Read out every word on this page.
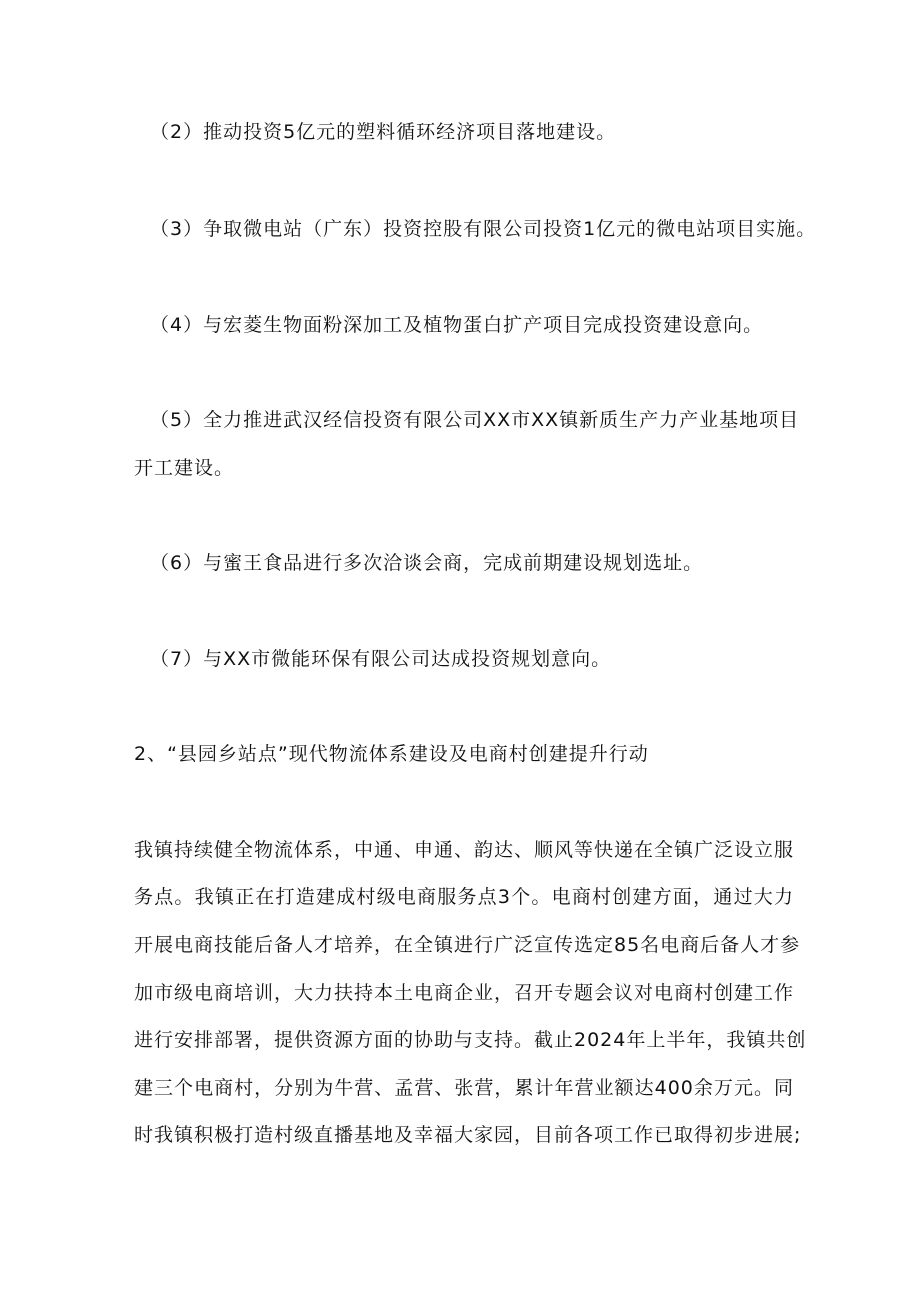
（2）推动投资5亿元的塑料循环经济项目落地建设。
（3）争取微电站（广东）投资控股有限公司投资1亿元的微电站项目实施。
（4）与宏菱生物面粉深加工及植物蛋白扩产项目完成投资建设意向。
（5）全力推进武汉经信投资有限公司XX市XX镇新质生产力产业基地项目
开工建设。
（6）与蜜王食品进行多次洽谈会商，完成前期建设规划选址。
（7）与XX市微能环保有限公司达成投资规划意向。
2、“县园乡站点”现代物流体系建设及电商村创建提升行动
我镇持续健全物流体系，中通、申通、韵达、顺风等快递在全镇广泛设立服
务点。我镇正在打造建成村级电商服务点3个。电商村创建方面，通过大力
开展电商技能后备人才培养，在全镇进行广泛宣传选定85名电商后备人才参
加市级电商培训，大力扶持本土电商企业，召开专题会议对电商村创建工作
进行安排部署，提供资源方面的协助与支持。截止2024年上半年，我镇共创
建三个电商村，分别为牛营、孟营、张营，累计年营业额达400余万元。同
时我镇积极打造村级直播基地及幸福大家园，目前各项工作已取得初步进展;
